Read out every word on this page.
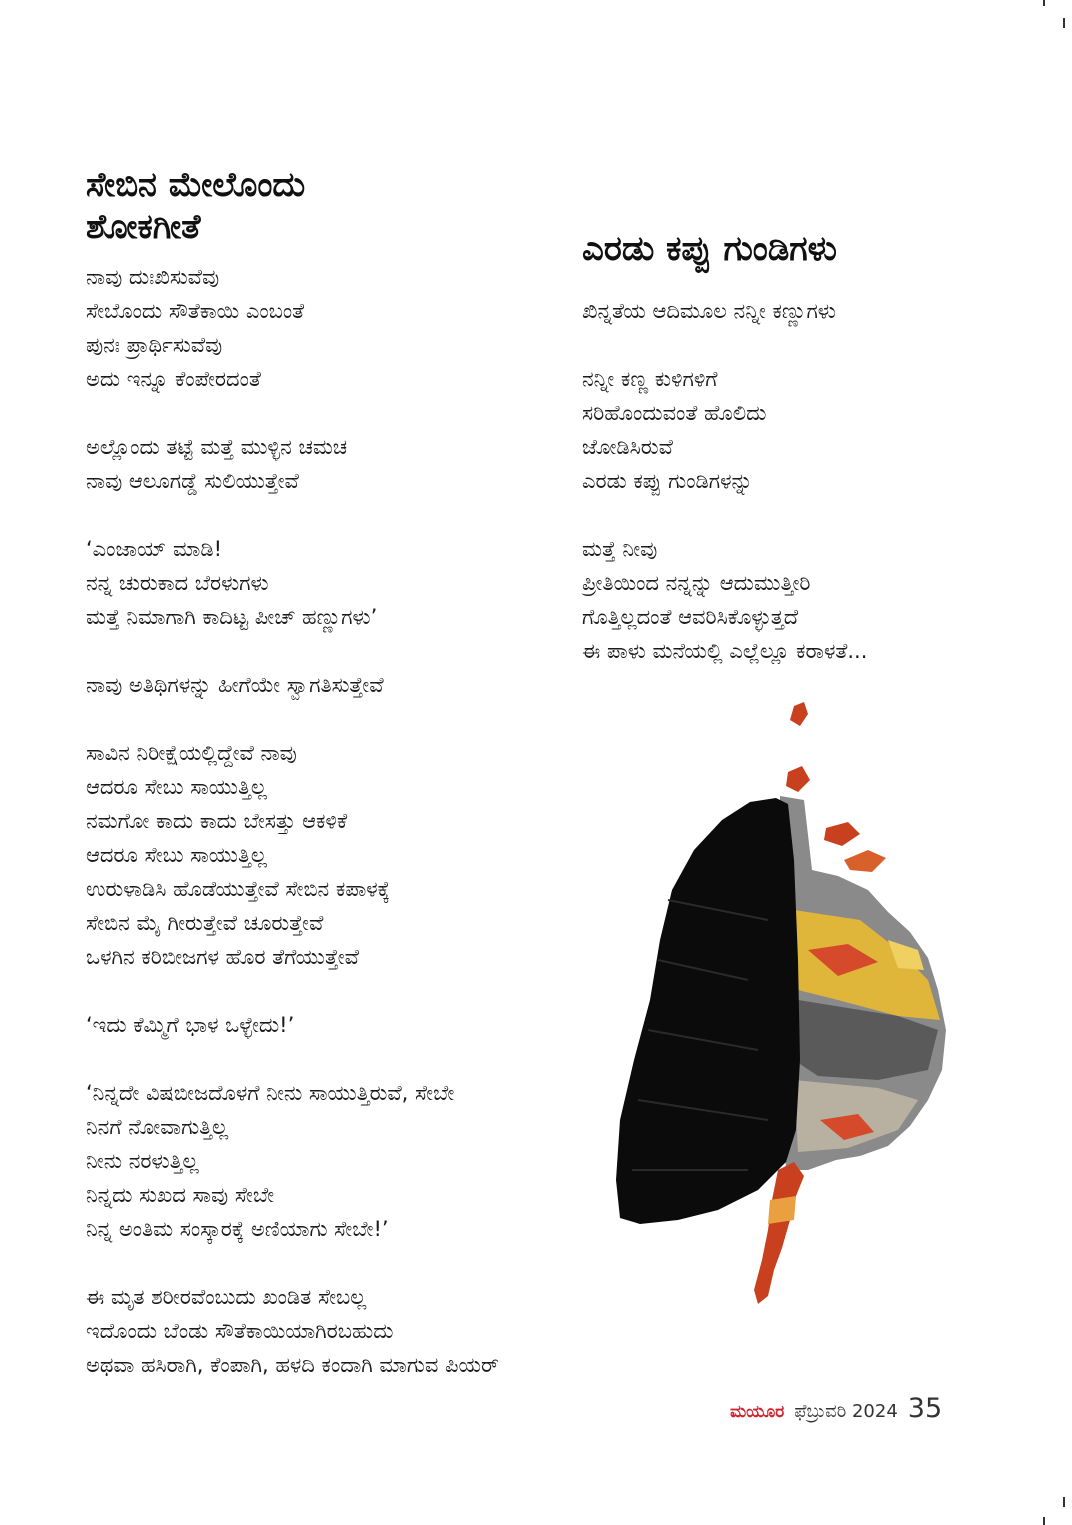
ಸೇಬಿನ ಮೇಲೊಂದು
ಶೋಕಗೀತೆ
ನಾವು ದುಃಖಿಸುವೆವು
ಸೇಬೊಂದು ಸೌತೆಕಾಯಿ ಎಂಬಂತೆ
ಪುನಃ ಪ್ರಾರ್ಥಿಸುವೆವು
ಅದು ಇನ್ನೂ ಕೆಂಪೇರದಂತೆ
ಅಲ್ಲೊಂದು ತಟ್ಟೆ ಮತ್ತೆ ಮುಳ್ಳಿನ ಚಮಚ
ನಾವು ಆಲೂಗಡ್ಡೆ ಸುಲಿಯುತ್ತೇವೆ
‘ಎಂಜಾಯ್ ಮಾಡಿ!
ನನ್ನ ಚುರುಕಾದ ಬೆರಳುಗಳು
ಮತ್ತೆ ನಿಮಾಗಾಗಿ ಕಾದಿಟ್ಟ ಪೀಚ್ ಹಣ್ಣುಗಳು’
ನಾವು ಅತಿಥಿಗಳನ್ನು ಹೀಗೆಯೇ ಸ್ವಾಗತಿಸುತ್ತೇವೆ
ಸಾವಿನ ನಿರೀಕ್ಷೆಯಲ್ಲಿದ್ದೇವೆ ನಾವು
ಆದರೂ ಸೇಬು ಸಾಯುತ್ತಿಲ್ಲ
ನಮಗೋ ಕಾದು ಕಾದು ಬೇಸತ್ತು ಆಕಳಿಕೆ
ಆದರೂ ಸೇಬು ಸಾಯುತ್ತಿಲ್ಲ
ಉರುಳಾಡಿಸಿ ಹೊಡೆಯುತ್ತೇವೆ ಸೇಬಿನ ಕಪಾಳಕ್ಕೆ
ಸೇಬಿನ ಮೈ ಗೀರುತ್ತೇವೆ ಚೂರುತ್ತೇವೆ
ಒಳಗಿನ ಕರಿಬೀಜಗಳ ಹೊರ ತೆಗೆಯುತ್ತೇವೆ
‘ಇದು ಕೆಮ್ಮಿಗೆ ಭಾಳ ಒಳ್ಳೇದು!’
‘ನಿನ್ನದೇ ವಿಷಬೀಜದೊಳಗೆ ನೀನು ಸಾಯುತ್ತಿರುವೆ, ಸೇಬೇ
ನಿನಗೆ ನೋವಾಗುತ್ತಿಲ್ಲ
ನೀನು ನರಳುತ್ತಿಲ್ಲ
ನಿನ್ನದು ಸುಖದ ಸಾವು ಸೇಬೇ
ನಿನ್ನ ಅಂತಿಮ ಸಂಸ್ಕಾರಕ್ಕೆ ಅಣಿಯಾಗು ಸೇಬೇ!’
ಈ ಮೃತ ಶರೀರವೆಂಬುದು ಖಂಡಿತ ಸೇಬಲ್ಲ
ಇದೊಂದು ಬೆಂಡು ಸೌತೆಕಾಯಿಯಾಗಿರಬಹುದು
ಅಥವಾ ಹಸಿರಾಗಿ, ಕೆಂಪಾಗಿ, ಹಳದಿ ಕಂದಾಗಿ ಮಾಗುವ ಪಿಯರ್
ಎರಡು ಕಪ್ಪು ಗುಂಡಿಗಳು
ಖಿನ್ನತೆಯ ಆದಿಮೂಲ ನನ್ನೀ ಕಣ್ಣುಗಳು
ನನ್ನೀ ಕಣ್ಣ ಕುಳಿಗಳಿಗೆ
ಸರಿಹೊಂದುವಂತೆ ಹೊಲಿದು
ಜೋಡಿಸಿರುವೆ
ಎರಡು ಕಪ್ಪು ಗುಂಡಿಗಳನ್ನು
ಮತ್ತೆ ನೀವು
ಪ್ರೀತಿಯಿಂದ ನನ್ನನ್ನು ಆದುಮುತ್ತೀರಿ
ಗೊತ್ತಿಲ್ಲದಂತೆ ಆವರಿಸಿಕೊಳ್ಳುತ್ತದೆ
ಈ ಪಾಳು ಮನೆಯಲ್ಲಿ ಎಲ್ಲೆಲ್ಲೂ ಕರಾಳತೆ...
ಮಯೂರ ಫೆಬ್ರುವರಿ 2024 35
